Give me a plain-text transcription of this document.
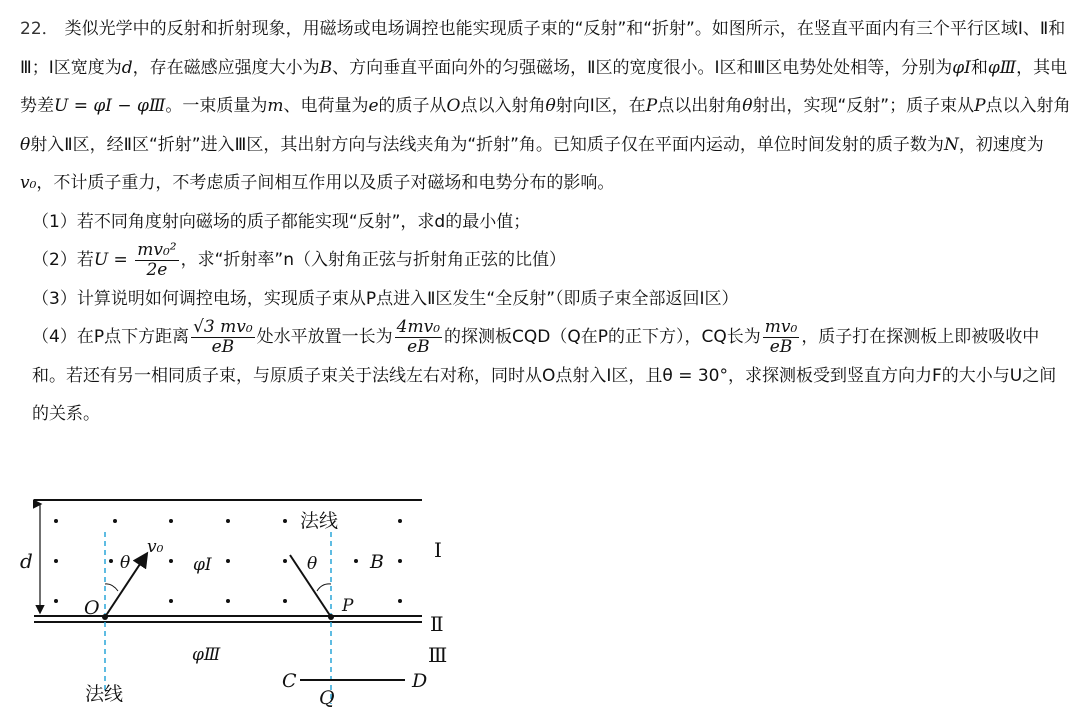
22． 类似光学中的反射和折射现象，用磁场或电场调控也能实现质子束的“反射”和“折射”。如图所示，在竖直平面内有三个平行区域Ⅰ、Ⅱ和Ⅲ；Ⅰ区宽度为d，存在磁感应强度大小为B、方向垂直平面向外的匀强磁场，Ⅱ区的宽度很小。Ⅰ区和Ⅲ区电势处处相等，分别为φⅠ和φⅢ，其电势差U = φⅠ − φⅢ。一束质量为m、电荷量为e的质子从O点以入射角θ射向Ⅰ区，在P点以出射角θ射出，实现“反射”；质子束从P点以入射角θ射入Ⅱ区，经Ⅱ区“折射”进入Ⅲ区，其出射方向与法线夹角为“折射”角。已知质子仅在平面内运动，单位时间发射的质子数为N，初速度为v₀，不计质子重力，不考虑质子间相互作用以及质子对磁场和电势分布的影响。

（1）若不同角度射向磁场的质子都能实现“反射”，求d的最小值；

（2）若$U = \frac{\text{mv₀²}}{2e}$ ，求“折射率”n（入射角正弦与折射角正弦的比值）

（3）计算说明如何调控电场，实现质子束从P点进入Ⅱ区发生“全反射”（即质子束全部返回Ⅰ区）

（4）在P点下方距离 $\frac{\text{√3 mv₀}}{eB}$ 处水平放置一长为 $\frac{\text{4mv₀}}{eB}$ 的探测板CQD（Q在P的正下方），CQ长为 $\frac{\text{mv₀}}{eB}$ ，质子打在探测板上即被吸收中和。若还有另一相同质子束，与原质子束关于法线左右对称，同时从O点射入Ⅰ区，且θ = 30°，求探测板受到竖直方向力F的大小与U之间的关系。

d
v₀
θ
O
θ
P
法线
φⅠ	B	Ⅰ
Ⅱ
Ⅲ
φⅢ
C
Q
D
法线
